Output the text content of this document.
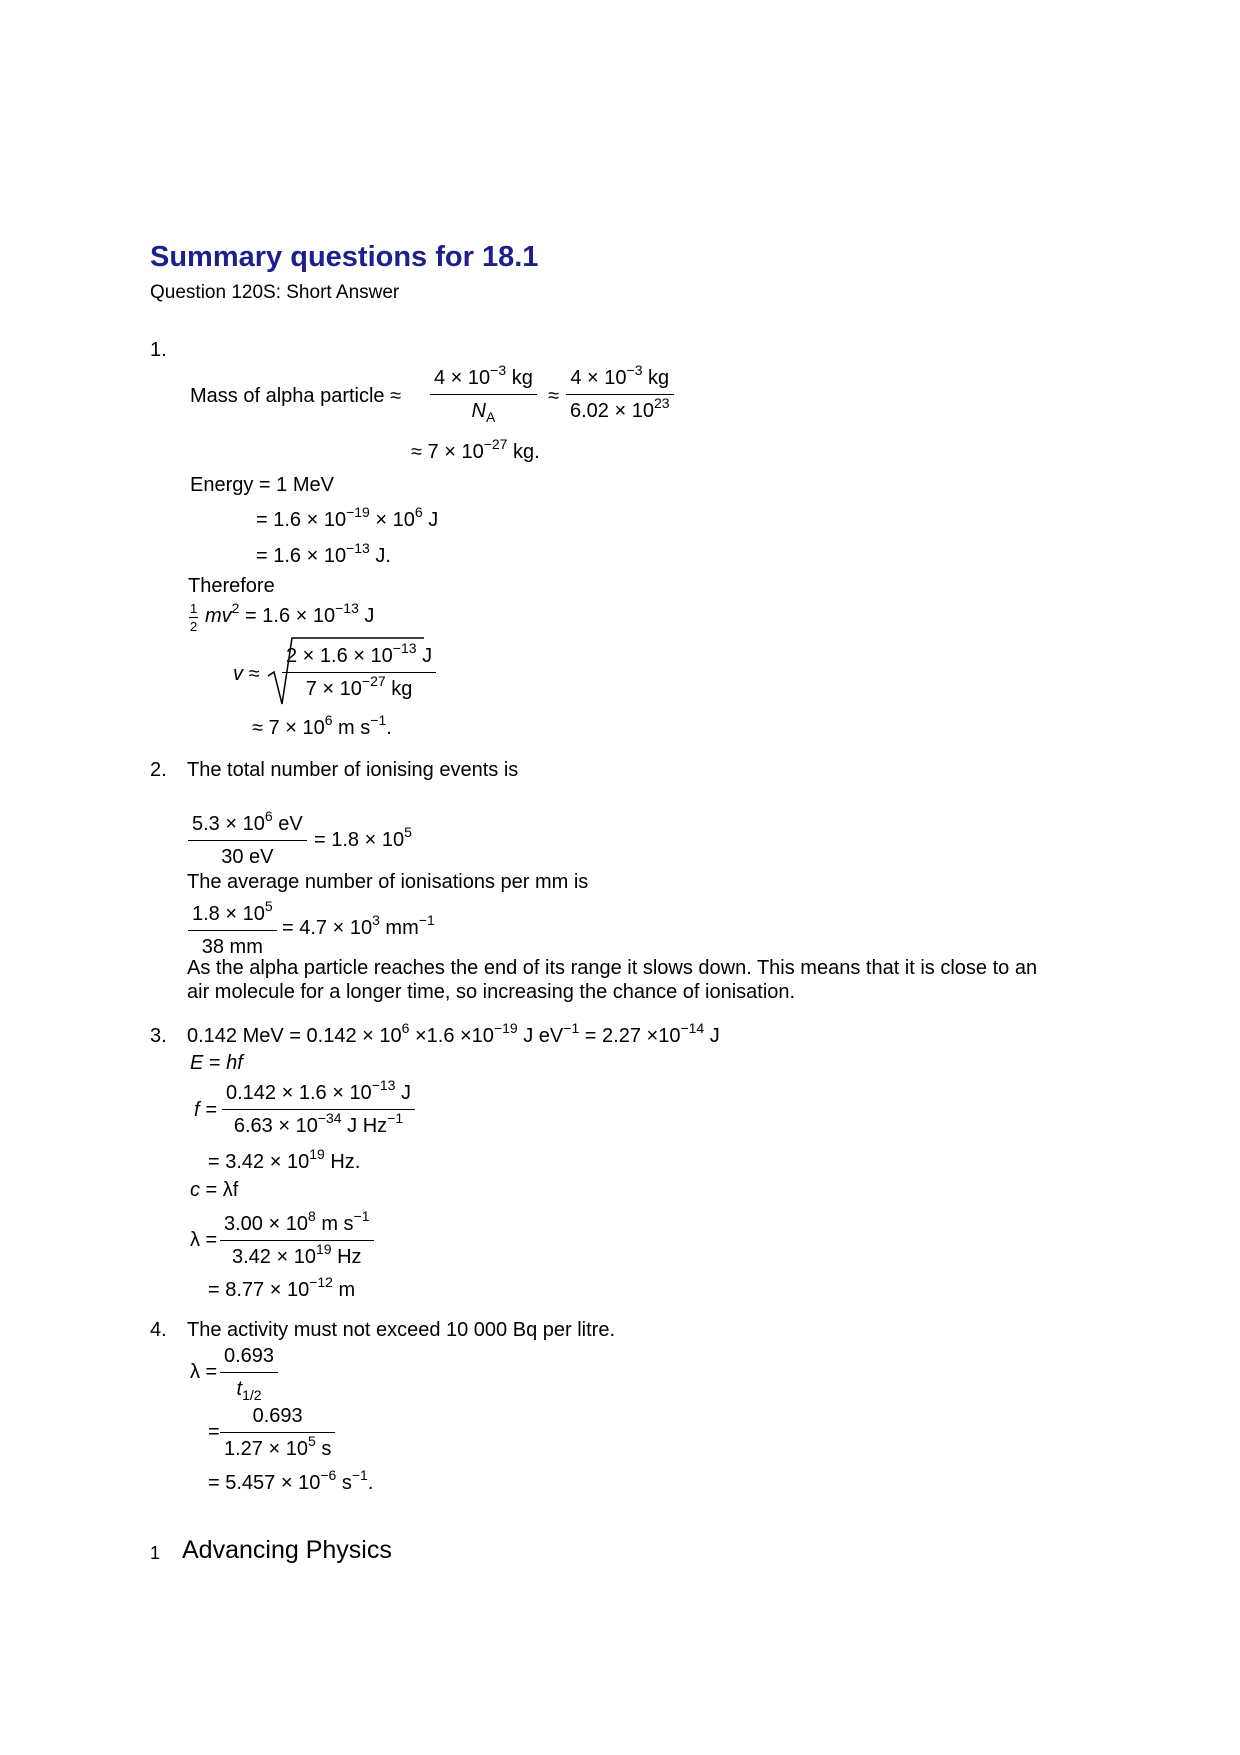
Summary questions for 18.1
Question 120S: Short Answer
1.
Mass of alpha particle ≈
$4 \times 10^{-3}$ kg
$N_A$
≈
$4 \times 10^{-3}$ kg
$6.02 \times 10^{23}$
≈ $7 \times 10^{-27}$ kg.
Energy = 1 MeV
= $1.6 \times 10^{-19} \times 10^6$ J
= $1.6 \times 10^{-13}$ J.
Therefore
1
2 $mv^2 = 1.6 \times 10^{-13}$ J
v ≈
$2 \times 1.6 \times 10^{-13}$ J
$7 \times 10^{-27}$ kg
≈ $7 \times 10^6$ m $s^{-1}$.
2. The total number of ionising events is
$5.3 \times 10^6$ eV
30 eV
= $1.8 \times 10^5$
The average number of ionisations per mm is
$1.8 \times 10^5$
38 mm
= $4.7 \times 10^3$ $mm^{-1}$
As the alpha particle reaches the end of its range it slows down. This means that it is close to an
air molecule for a longer time, so increasing the chance of ionisation.
3. 0.142 MeV = $0.142 \times 10^6 \times 1.6 \times 10^{-19}$ J $eV^{-1} = 2.27 \times 10^{-14}$ J
E = hf
f =
$0.142 \times 1.6 \times 10^{-13}$ J
$6.63 \times 10^{-34}$ J $Hz^{-1}$
= $3.42 \times 10^{19}$ Hz.
c = λf
λ =
$3.00 \times 10^8$ m $s^{-1}$
$3.42 \times 10^{19}$ Hz
= $8.77 \times 10^{-12}$ m
4. The activity must not exceed 10 000 Bq per litre.
λ =
0.693
$t_{1/2}$
=
0.693
$1.27 \times 10^5$ s
= $5.457 \times 10^{-6}$ $s^{-1}$.
1 Advancing Physics
